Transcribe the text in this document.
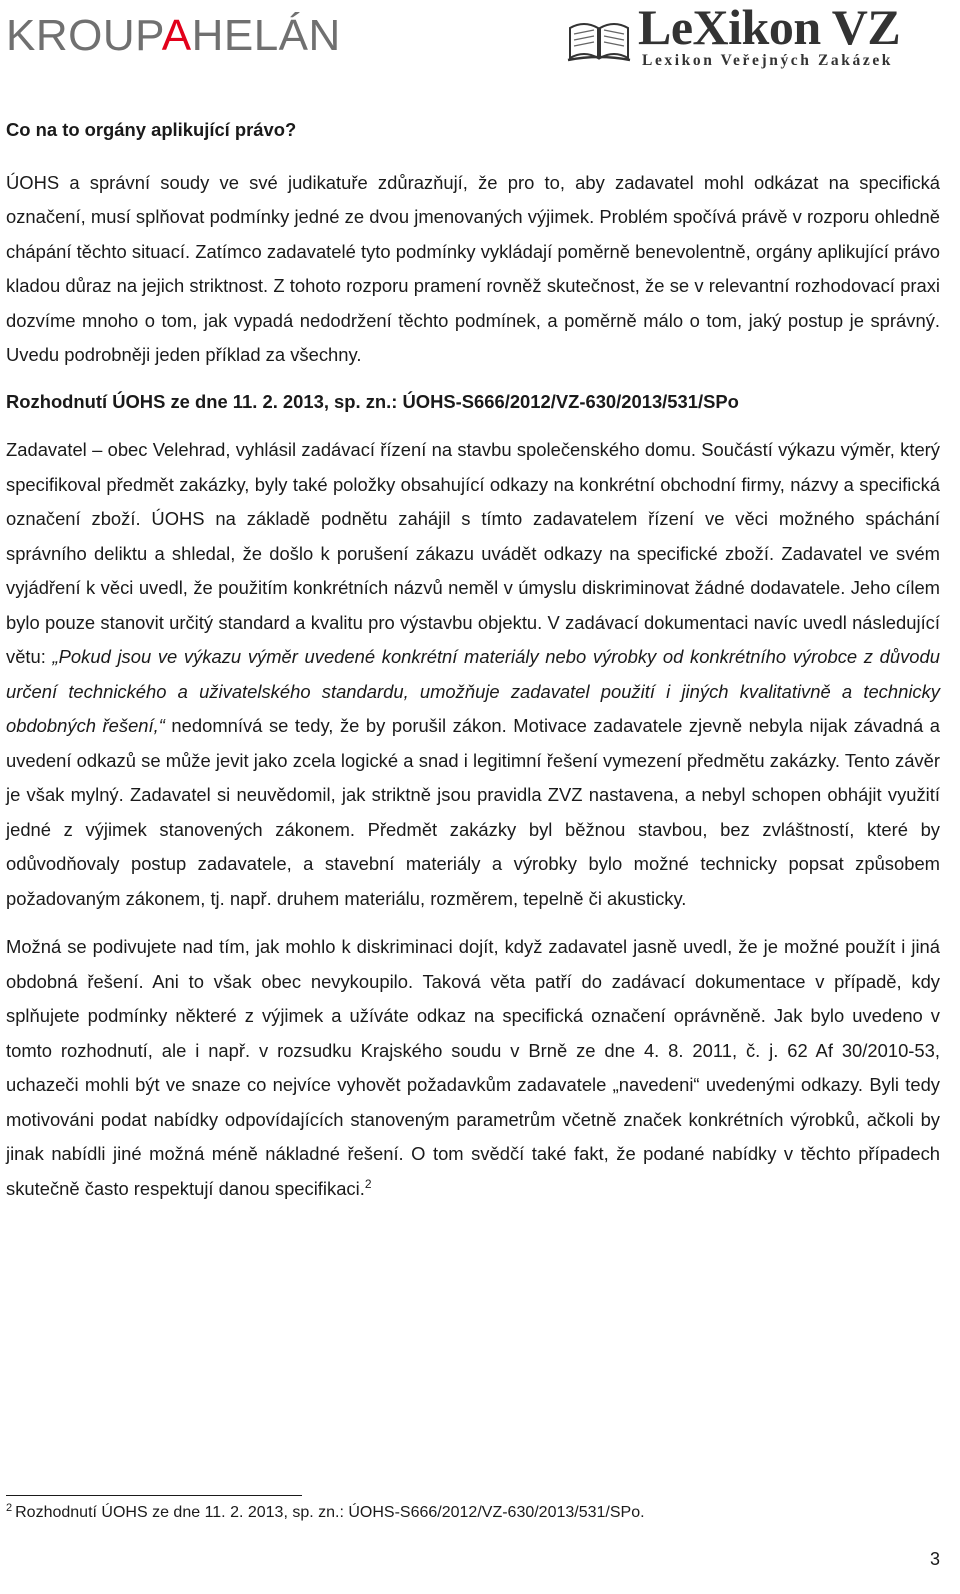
KROUPAHELÁN	LeXikon VZ
Lexikon Veřejných Zakázek

Co na to orgány aplikující právo?

ÚOHS a správní soudy ve své judikatuře zdůrazňují, že pro to, aby zadavatel mohl odkázat na specifická označení, musí splňovat podmínky jedné ze dvou jmenovaných výjimek. Problém spočívá právě v rozporu ohledně chápání těchto situací. Zatímco zadavatelé tyto podmínky vykládají poměrně benevolentně, orgány aplikující právo kladou důraz na jejich striktnost. Z tohoto rozporu pramení rovněž skutečnost, že se v relevantní rozhodovací praxi dozvíme mnoho o tom, jak vypadá nedodržení těchto podmínek, a poměrně málo o tom, jaký postup je správný. Uvedu podrobněji jeden příklad za všechny.

Rozhodnutí ÚOHS ze dne 11. 2. 2013, sp. zn.: ÚOHS-S666/2012/VZ-630/2013/531/SPo

Zadavatel – obec Velehrad, vyhlásil zadávací řízení na stavbu společenského domu. Součástí výkazu výměr, který specifikoval předmět zakázky, byly také položky obsahující odkazy na konkrétní obchodní firmy, názvy a specifická označení zboží. ÚOHS na základě podnětu zahájil s tímto zadavatelem řízení ve věci možného spáchání správního deliktu a shledal, že došlo k porušení zákazu uvádět odkazy na specifické zboží. Zadavatel ve svém vyjádření k věci uvedl, že použitím konkrétních názvů neměl v úmyslu diskriminovat žádné dodavatele. Jeho cílem bylo pouze stanovit určitý standard a kvalitu pro výstavbu objektu. V zadávací dokumentaci navíc uvedl následující větu: „Pokud jsou ve výkazu výměr uvedené konkrétní materiály nebo výrobky od konkrétního výrobce z důvodu určení technického a uživatelského standardu, umožňuje zadavatel použití i jiných kvalitativně a technicky obdobných řešení,“ nedomnívá se tedy, že by porušil zákon. Motivace zadavatele zjevně nebyla nijak závadná a uvedení odkazů se může jevit jako zcela logické a snad i legitimní řešení vymezení předmětu zakázky. Tento závěr je však mylný. Zadavatel si neuvědomil, jak striktně jsou pravidla ZVZ nastavena, a nebyl schopen obhájit využití jedné z výjimek stanovených zákonem. Předmět zakázky byl běžnou stavbou, bez zvláštností, které by odůvodňovaly postup zadavatele, a stavební materiály a výrobky bylo možné technicky popsat způsobem požadovaným zákonem, tj. např. druhem materiálu, rozměrem, tepelně či akusticky.

Možná se podivujete nad tím, jak mohlo k diskriminaci dojít, když zadavatel jasně uvedl, že je možné použít i jiná obdobná řešení. Ani to však obec nevykoupilo. Taková věta patří do zadávací dokumentace v případě, kdy splňujete podmínky některé z výjimek a užíváte odkaz na specifická označení oprávněně. Jak bylo uvedeno v tomto rozhodnutí, ale i např. v rozsudku Krajského soudu v Brně ze dne 4. 8. 2011, č. j. 62 Af 30/2010-53, uchazeči mohli být ve snaze co nejvíce vyhovět požadavkům zadavatele „navedeni“ uvedenými odkazy. Byli tedy motivováni podat nabídky odpovídajících stanoveným parametrům včetně značek konkrétních výrobků, ačkoli by jinak nabídli jiné možná méně nákladné řešení. O tom svědčí také fakt, že podané nabídky v těchto případech skutečně často respektují danou specifikaci.$^2$

$^2$ Rozhodnutí ÚOHS ze dne 11. 2. 2013, sp. zn.: ÚOHS-S666/2012/VZ-630/2013/531/SPo.
3
